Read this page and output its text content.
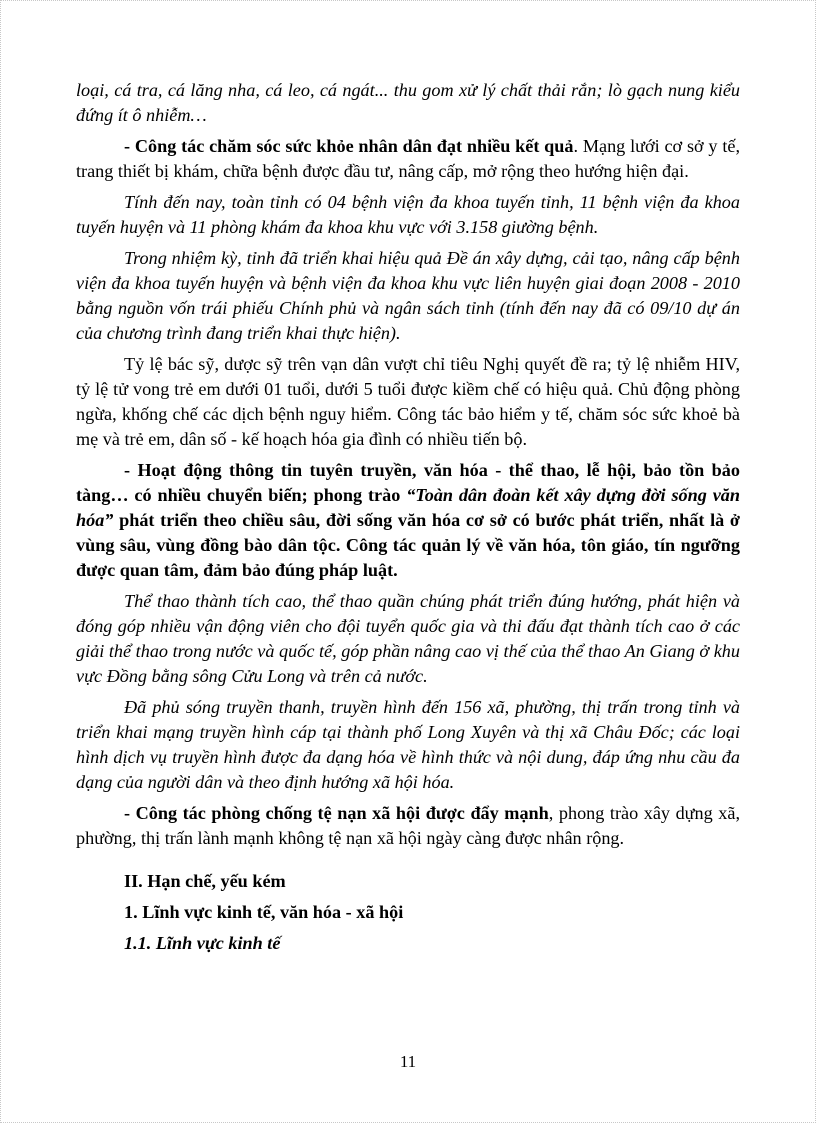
loại, cá tra, cá lăng nha, cá leo, cá ngát... thu gom xử lý chất thải rắn; lò gạch nung kiểu đứng ít ô nhiễm…

- Công tác chăm sóc sức khỏe nhân dân đạt nhiều kết quả. Mạng lưới cơ sở y tế, trang thiết bị khám, chữa bệnh được đầu tư, nâng cấp, mở rộng theo hướng hiện đại.

Tính đến nay, toàn tỉnh có 04 bệnh viện đa khoa tuyến tỉnh, 11 bệnh viện đa khoa tuyến huyện và 11 phòng khám đa khoa khu vực với 3.158 giường bệnh.

Trong nhiệm kỳ, tỉnh đã triển khai hiệu quả Đề án xây dựng, cải tạo, nâng cấp bệnh viện đa khoa tuyến huyện và bệnh viện đa khoa khu vực liên huyện giai đoạn 2008 - 2010 bằng nguồn vốn trái phiếu Chính phủ và ngân sách tỉnh (tính đến nay đã có 09/10 dự án của chương trình đang triển khai thực hiện).

Tỷ lệ bác sỹ, dược sỹ trên vạn dân vượt chỉ tiêu Nghị quyết đề ra; tỷ lệ nhiễm HIV, tỷ lệ tử vong trẻ em dưới 01 tuổi, dưới 5 tuổi được kiềm chế có hiệu quả. Chủ động phòng ngừa, khống chế các dịch bệnh nguy hiểm. Công tác bảo hiểm y tế, chăm sóc sức khoẻ bà mẹ và trẻ em, dân số - kế hoạch hóa gia đình có nhiều tiến bộ.

- Hoạt động thông tin tuyên truyền, văn hóa - thể thao, lễ hội, bảo tồn bảo tàng… có nhiều chuyển biến; phong trào “Toàn dân đoàn kết xây dựng đời sống văn hóa” phát triển theo chiều sâu, đời sống văn hóa cơ sở có bước phát triển, nhất là ở vùng sâu, vùng đồng bào dân tộc. Công tác quản lý về văn hóa, tôn giáo, tín ngưỡng được quan tâm, đảm bảo đúng pháp luật.

Thể thao thành tích cao, thể thao quần chúng phát triển đúng hướng, phát hiện và đóng góp nhiều vận động viên cho đội tuyển quốc gia và thi đấu đạt thành tích cao ở các giải thể thao trong nước và quốc tế, góp phần nâng cao vị thế của thể thao An Giang ở khu vực Đồng bằng sông Cửu Long và trên cả nước.

Đã phủ sóng truyền thanh, truyền hình đến 156 xã, phường, thị trấn trong tỉnh và triển khai mạng truyền hình cáp tại thành phố Long Xuyên và thị xã Châu Đốc; các loại hình dịch vụ truyền hình được đa dạng hóa về hình thức và nội dung, đáp ứng nhu cầu đa dạng của người dân và theo định hướng xã hội hóa.

- Công tác phòng chống tệ nạn xã hội được đẩy mạnh, phong trào xây dựng xã, phường, thị trấn lành mạnh không tệ nạn xã hội ngày càng được nhân rộng.

II. Hạn chế, yếu kém

1. Lĩnh vực kinh tế, văn hóa - xã hội

1.1. Lĩnh vực kinh tế

11
